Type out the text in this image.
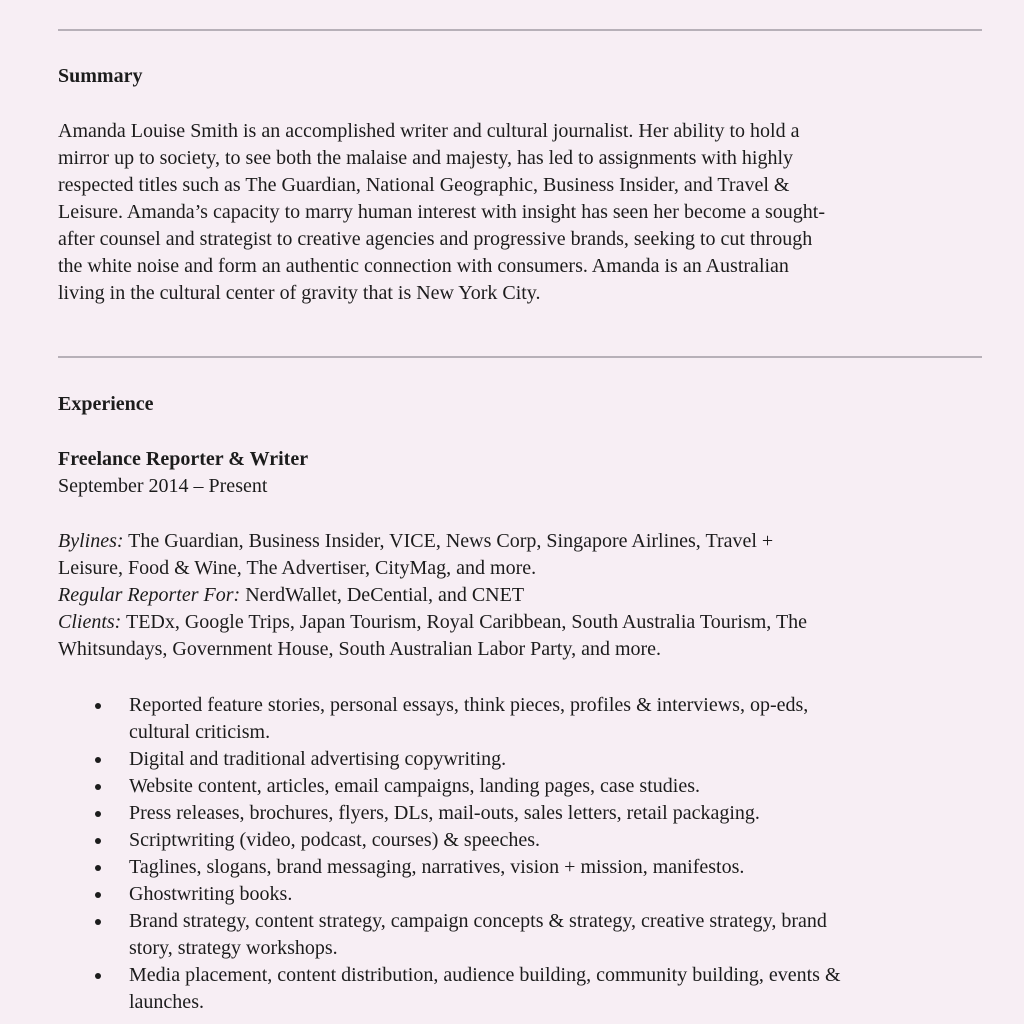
Summary

Amanda Louise Smith is an accomplished writer and cultural journalist. Her ability to hold a
mirror up to society, to see both the malaise and majesty, has led to assignments with highly
respected titles such as The Guardian, National Geographic, Business Insider, and Travel &
Leisure. Amanda’s capacity to marry human interest with insight has seen her become a sought-
after counsel and strategist to creative agencies and progressive brands, seeking to cut through
the white noise and form an authentic connection with consumers. Amanda is an Australian
living in the cultural center of gravity that is New York City.

Experience

Freelance Reporter & Writer
September 2014 – Present

Bylines: The Guardian, Business Insider, VICE, News Corp, Singapore Airlines, Travel +
Leisure, Food & Wine, The Advertiser, CityMag, and more.
Regular Reporter For: NerdWallet, DeCential, and CNET
Clients: TEDx, Google Trips, Japan Tourism, Royal Caribbean, South Australia Tourism, The
Whitsundays, Government House, South Australian Labor Party, and more.

Reported feature stories, personal essays, think pieces, profiles & interviews, op-eds,
cultural criticism.
Digital and traditional advertising copywriting.
Website content, articles, email campaigns, landing pages, case studies.
Press releases, brochures, flyers, DLs, mail-outs, sales letters, retail packaging.
Scriptwriting (video, podcast, courses) & speeches.
Taglines, slogans, brand messaging, narratives, vision + mission, manifestos.
Ghostwriting books.
Brand strategy, content strategy, campaign concepts & strategy, creative strategy, brand
story, strategy workshops.
Media placement, content distribution, audience building, community building, events &
launches.
